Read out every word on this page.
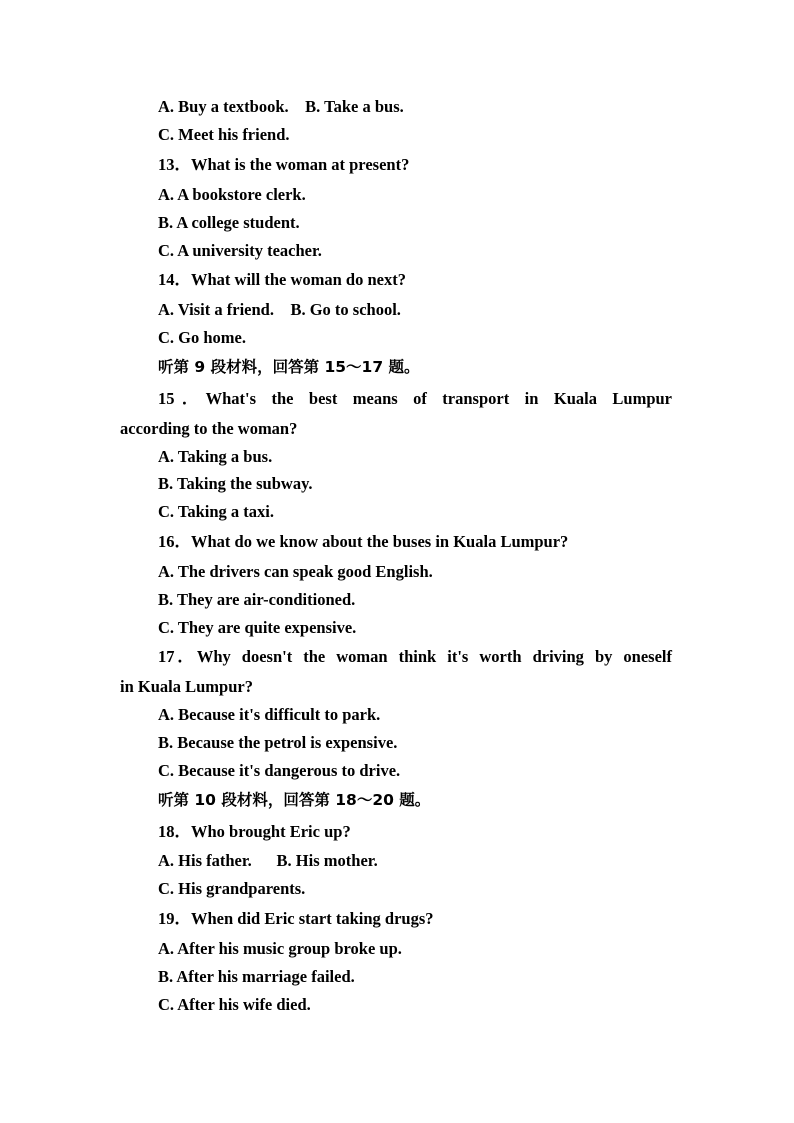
A. Buy a textbook.    B. Take a bus.
C. Meet his friend.
13．What is the woman at present?
A. A bookstore clerk.
B. A college student.
C. A university teacher.
14．What will the woman do next?
A. Visit a friend.    B. Go to school.
C. Go home.
听第 9 段材料，回答第 15～17 题。
15．What's the best means of transport in Kuala Lumpur
according to the woman?
A. Taking a bus.
B. Taking the subway.
C. Taking a taxi.
16．What do we know about the buses in Kuala Lumpur?
A. The drivers can speak good English.
B. They are air-conditioned.
C. They are quite expensive.
17．Why doesn't the woman think it's worth driving by oneself
in Kuala Lumpur?
A. Because it's difficult to park.
B. Because the petrol is expensive.
C. Because it's dangerous to drive.
听第 10 段材料，回答第 18～20 题。
18．Who brought Eric up?
A. His father.      B. His mother.
C. His grandparents.
19．When did Eric start taking drugs?
A. After his music group broke up.
B. After his marriage failed.
C. After his wife died.
